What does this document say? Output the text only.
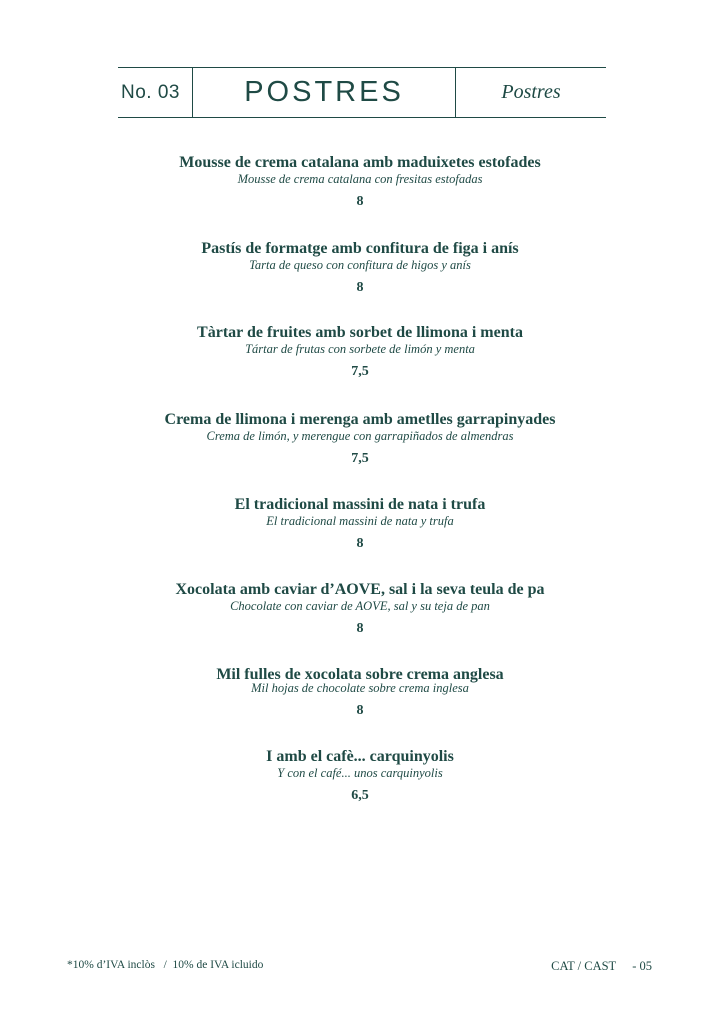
No. 03	POSTRES	Postres
Mousse de crema catalana amb maduixetes estofades
Mousse de crema catalana con fresitas estofadas
8
Pastís de formatge amb confitura de figa i anís
Tarta de queso con confitura de higos y anís
8
Tàrtar de fruites amb sorbet de llimona i menta
Tártar de frutas con sorbete de limón y menta
7,5
Crema de llimona i merenga amb ametlles garrapinyades
Crema de limón, y merengue con garrapiñados de almendras
7,5
El tradicional massini de nata i trufa
El tradicional massini de nata y trufa
8
Xocolata amb caviar d’AOVE, sal i la seva teula de pa
Chocolate con caviar de AOVE, sal y su teja de pan
8
Mil fulles de xocolata sobre crema anglesa
Mil hojas de chocolate sobre crema inglesa
8
I amb el cafè... carquinyolis
Y con el café... unos carquinyolis
6,5
*10% d’IVA inclòs   /  10% de IVA icluido	CAT / CAST - 05
